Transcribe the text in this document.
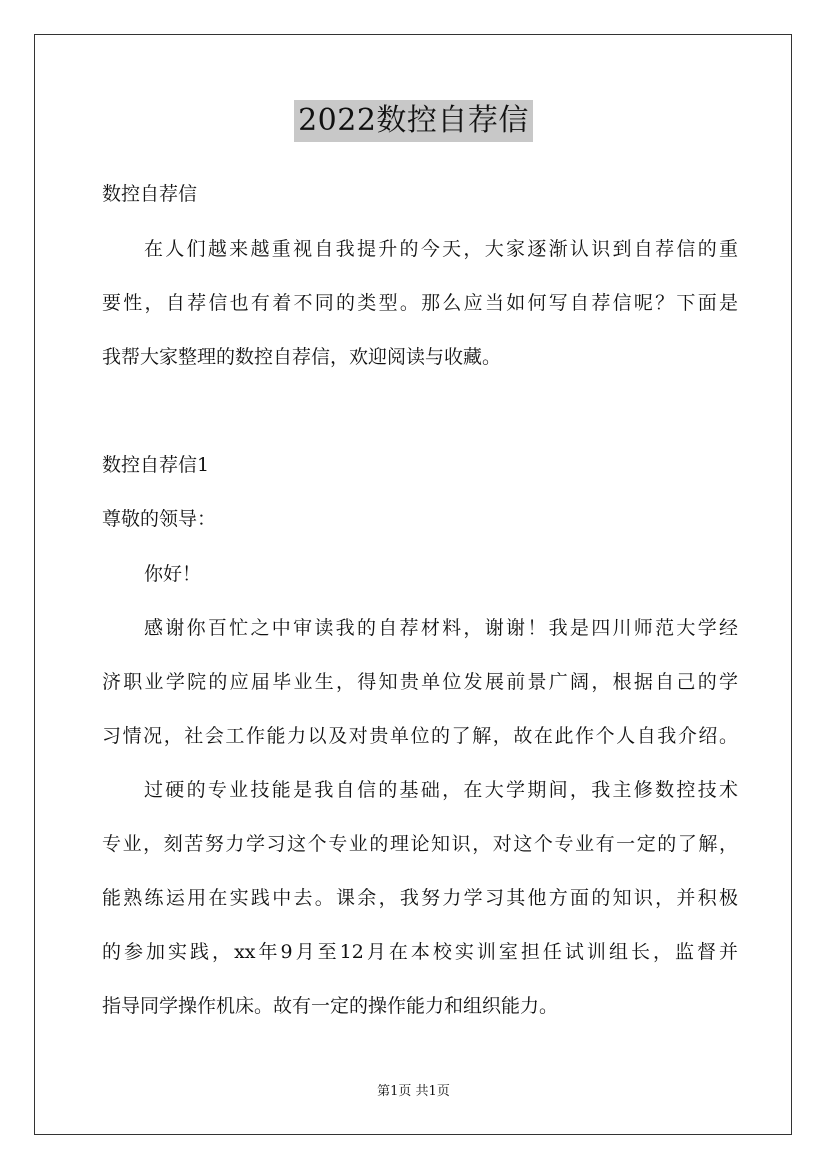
2022数控自荐信
数控自荐信
在人们越来越重视自我提升的今天，大家逐渐认识到自荐信的重
要性，自荐信也有着不同的类型。那么应当如何写自荐信呢？下面是
我帮大家整理的数控自荐信，欢迎阅读与收藏。
数控自荐信1
尊敬的领导：
你好！
感谢你百忙之中审读我的自荐材料，谢谢！我是四川师范大学经
济职业学院的应届毕业生，得知贵单位发展前景广阔，根据自己的学
习情况，社会工作能力以及对贵单位的了解，故在此作个人自我介绍。
过硬的专业技能是我自信的基础，在大学期间，我主修数控技术
专业，刻苦努力学习这个专业的理论知识，对这个专业有一定的了解，
能熟练运用在实践中去。课余，我努力学习其他方面的知识，并积极
的参加实践，xx年9月至12月在本校实训室担任试训组长，监督并
指导同学操作机床。故有一定的操作能力和组织能力。
第1页 共1页
